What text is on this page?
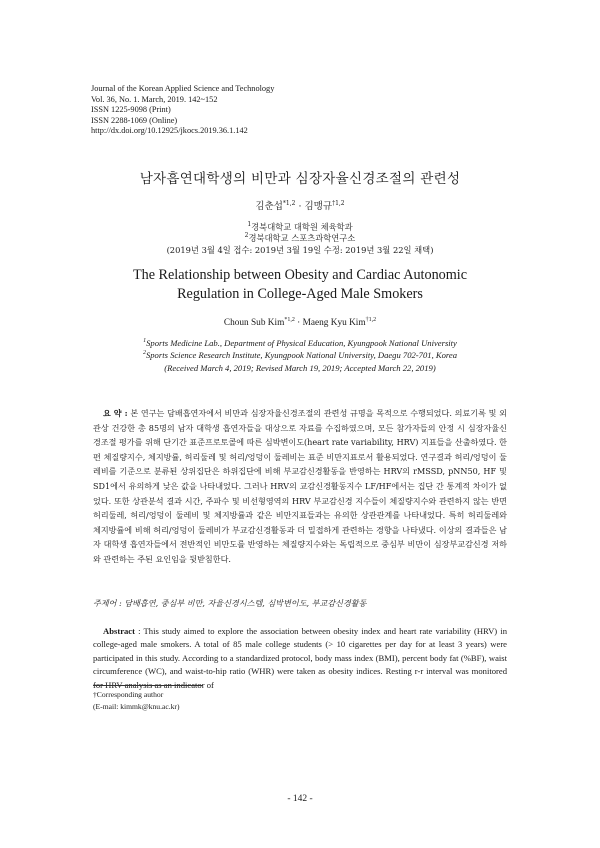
Journal of the Korean Applied Science and Technology
Vol. 36, No. 1. March, 2019. 142~152
ISSN 1225-9098 (Print)
ISSN 2288-1069 (Online)
http://dx.doi.org/10.12925/jkocs.2019.36.1.142
남자흡연대학생의 비만과 심장자율신경조절의 관련성
김춘섭$^{*1,2}$ · 김맹규$^{\dagger 1,2}$
$^1$경북대학교 대학원 체육학과
$^2$경북대학교 스포츠과학연구소
(2019년 3월 4일 접수: 2019년 3월 19일 수정: 2019년 3월 22일 채택)
The Relationship between Obesity and Cardiac Autonomic
Regulation in College-Aged Male Smokers
Choun Sub Kim$^{*1,2}$ · Maeng Kyu Kim$^{\dagger 1,2}$
$^1$Sports Medicine Lab., Department of Physical Education, Kyungpook National University
$^2$Sports Science Research Institute, Kyungpook National University, Daegu 702-701, Korea
(Received March 4, 2019; Revised March 19, 2019; Accepted March 22, 2019)
요 약 : 본 연구는 담배흡연자에서 비만과 심장자율신경조절의 관련성 규명을 목적으로 수행되었다. 의료기록 및 외관상 건강한 총 85명의 남자 대학생 흡연자들을 대상으로 자료를 수집하였으며, 모든 참가자들의 안정 시 심장자율신경조절 평가를 위해 단기간 표준프로토콜에 따른 심박변이도(heart rate variability, HRV) 지표들을 산출하였다. 한편 체질량지수, 체지방률, 허리둘레 및 허리/엉덩이 둘레비는 표준 비만지표로서 활용되었다. 연구결과 허리/엉덩이 둘레비를 기준으로 분류된 상위집단은 하위집단에 비해 부교감신경활동을 반영하는 HRV의 rMSSD, pNN50, HF 및 SD1에서 유의하게 낮은 값을 나타내었다. 그러나 HRV의 교감신경활동지수 LF/HF에서는 집단 간 통계적 차이가 없었다. 또한 상관분석 결과 시간, 주파수 및 비선형영역의 HRV 부교감신경 지수들이 체질량지수와 관련하지 않는 반면 허리둘레, 허리/엉덩이 둘레비 및 체지방률과 같은 비만지표들과는 유의한 상관관계를 나타내었다. 특히 허리둘레와 체지방률에 비해 허리/엉덩이 둘레비가 부교감신경활동과 더 밀접하게 관련하는 경향을 나타냈다. 이상의 결과들은 남자 대학생 흡연자들에서 전반적인 비만도를 반영하는 체질량지수와는 독립적으로 중심부 비만이 심장부교감신경 저하와 관련하는 주된 요인임을 뒷받침한다.
주제어 : 담배흡연, 중심부 비만, 자율신경시스템, 심박변이도, 부교감신경활동
Abstract : This study aimed to explore the association between obesity index and heart rate variability (HRV) in college-aged male smokers. A total of 85 male college students (> 10 cigarettes per day for at least 3 years) were participated in this study. According to a standardized protocol, body mass index (BMI), percent body fat (%BF), waist circumference (WC), and waist-to-hip ratio (WHR) were taken as obesity indices. Resting r-r interval was monitored for HRV analysis as an indicator of
†Corresponding author
(E-mail: kimmk@knu.ac.kr)
- 142 -
